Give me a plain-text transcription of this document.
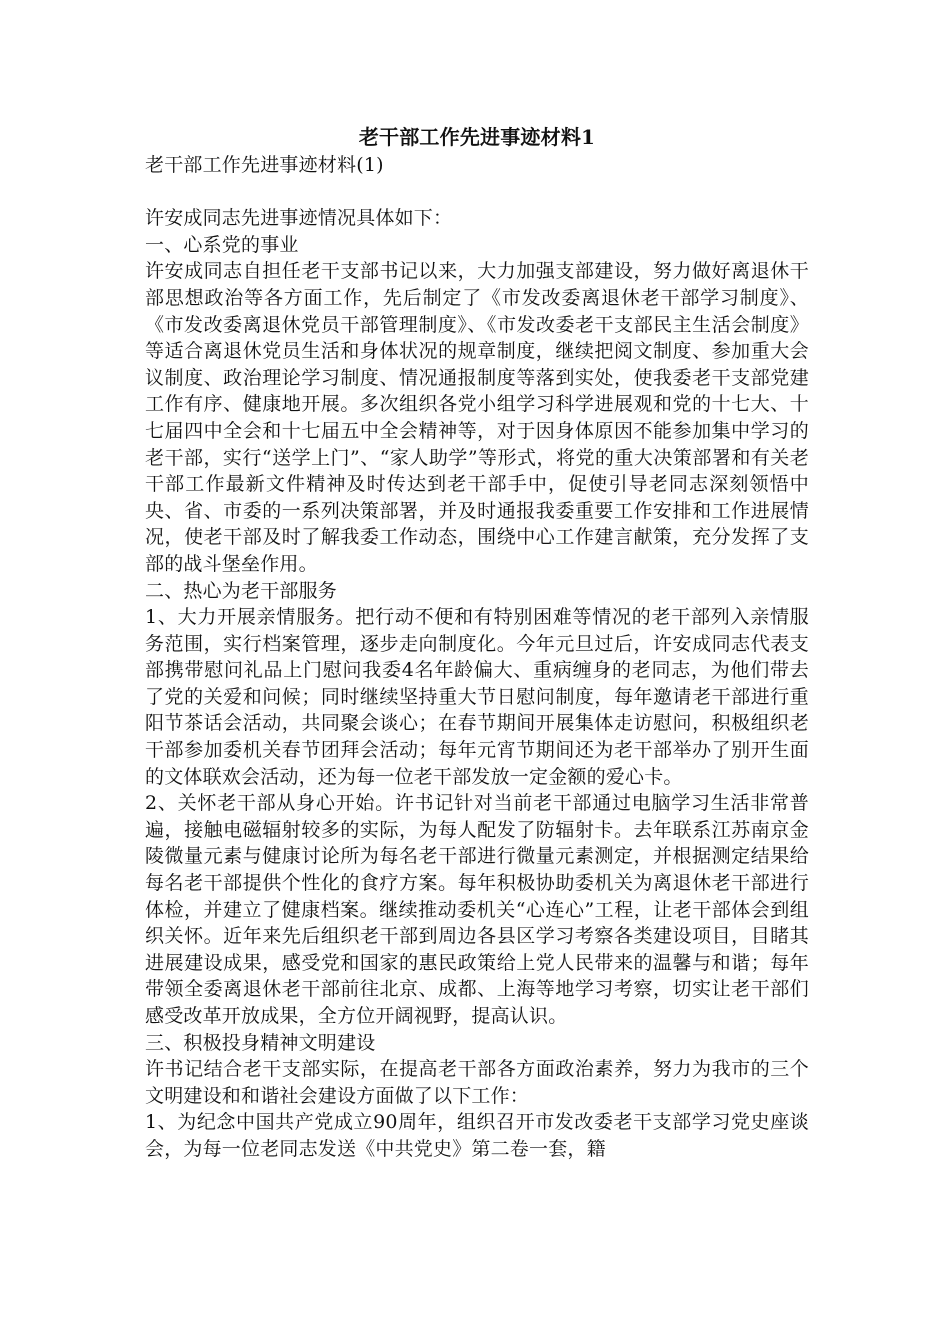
老干部工作先进事迹材料1

老干部工作先进事迹材料(1)

许安成同志先进事迹情况具体如下：

一、心系党的事业

许安成同志自担任老干支部书记以来，大力加强支部建设，努力做好离退休干部思想政治等各方面工作，先后制定了《市发改委离退休老干部学习制度》、《市发改委离退休党员干部管理制度》、《市发改委老干支部民主生活会制度》等适合离退休党员生活和身体状况的规章制度，继续把阅文制度、参加重大会议制度、政治理论学习制度、情况通报制度等落到实处，使我委老干支部党建工作有序、健康地开展。多次组织各党小组学习科学进展观和党的十七大、十七届四中全会和十七届五中全会精神等，对于因身体原因不能参加集中学习的老干部，实行“送学上门”、“家人助学”等形式，将党的重大决策部署和有关老干部工作最新文件精神及时传达到老干部手中，促使引导老同志深刻领悟中央、省、市委的一系列决策部署，并及时通报我委重要工作安排和工作进展情况，使老干部及时了解我委工作动态，围绕中心工作建言献策，充分发挥了支部的战斗堡垒作用。

二、热心为老干部服务

1、大力开展亲情服务。把行动不便和有特别困难等情况的老干部列入亲情服务范围，实行档案管理，逐步走向制度化。今年元旦过后，许安成同志代表支部携带慰问礼品上门慰问我委4名年龄偏大、重病缠身的老同志，为他们带去了党的关爱和问候；同时继续坚持重大节日慰问制度，每年邀请老干部进行重阳节茶话会活动，共同聚会谈心；在春节期间开展集体走访慰问，积极组织老干部参加委机关春节团拜会活动；每年元宵节期间还为老干部举办了别开生面的文体联欢会活动，还为每一位老干部发放一定金额的爱心卡。

2、关怀老干部从身心开始。许书记针对当前老干部通过电脑学习生活非常普遍，接触电磁辐射较多的实际，为每人配发了防辐射卡。去年联系江苏南京金陵微量元素与健康讨论所为每名老干部进行微量元素测定，并根据测定结果给每名老干部提供个性化的食疗方案。每年积极协助委机关为离退休老干部进行体检，并建立了健康档案。继续推动委机关“心连心”工程，让老干部体会到组织关怀。近年来先后组织老干部到周边各县区学习考察各类建设项目，目睹其进展建设成果，感受党和国家的惠民政策给上党人民带来的温馨与和谐；每年带领全委离退休老干部前往北京、成都、上海等地学习考察，切实让老干部们感受改革开放成果，全方位开阔视野，提高认识。

三、积极投身精神文明建设

许书记结合老干支部实际，在提高老干部各方面政治素养，努力为我市的三个文明建设和和谐社会建设方面做了以下工作：

1、为纪念中国共产党成立90周年，组织召开市发改委老干支部学习党史座谈会，为每一位老同志发送《中共党史》第二卷一套，籍
